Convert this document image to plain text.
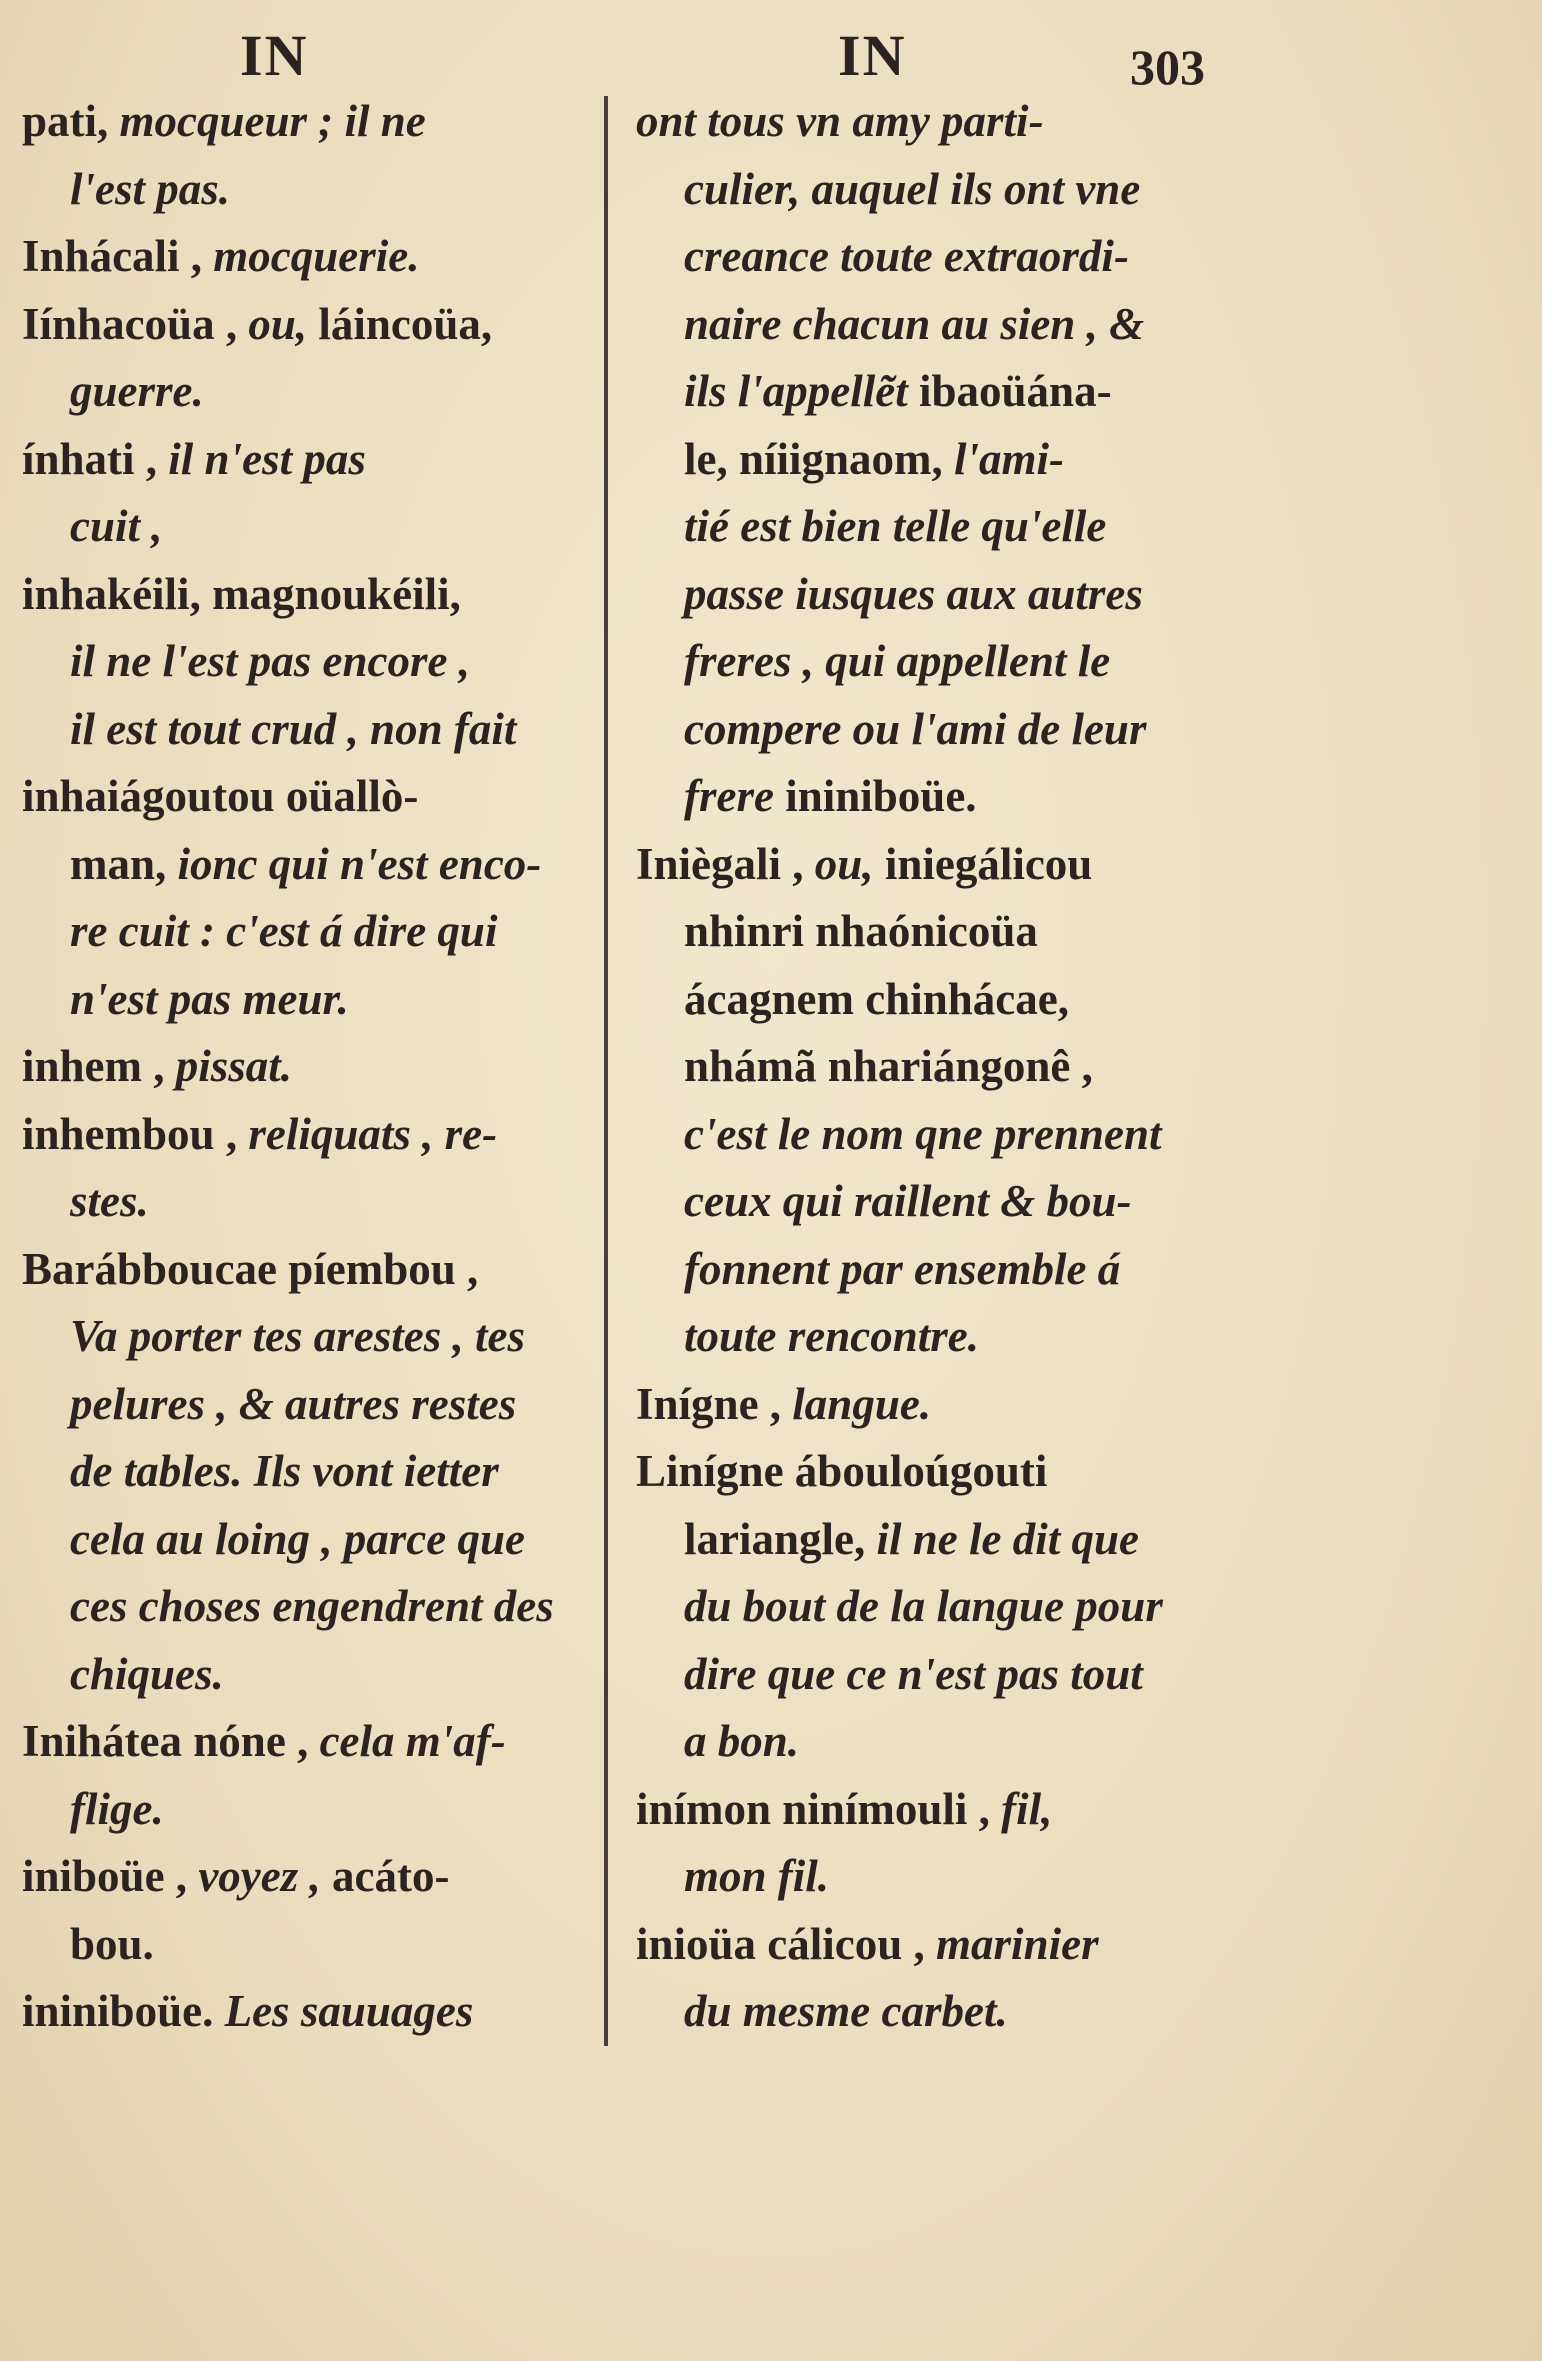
IN	IN	303
pati, mocqueur ; il ne
l'est pas.
Inhácali , mocquerie.
Iínhacoüa , ou, láincoüa,
guerre.
ínhati , il n'est pas
cuit ,
inhakéili, magnoukéili,
il ne l'est pas encore ,
il est tout crud , non fait
inhaiágoutou oüallò-
man, ionc qui n'est enco-
re cuit : c'est á dire qui
n'est pas meur.
inhem , pissat.
inhembou , reliquats , re-
stes.
Barábboucae píembou ,
Va porter tes arestes , tes
pelures , & autres restes
de tables. Ils vont ietter
cela au loing , parce que
ces choses engendrent des
chiques.
Inihátea nóne , cela m'af-
flige.
iniboüe , voyez , acáto-
bou.
ininiboüe. Les sauuages
ont tous vn amy parti-
culier, auquel ils ont vne
creance toute extraordi-
naire chacun au sien , &
ils l'appellẽt ibaoüána-
le, níiignaom, l'ami-
tié est bien telle qu'elle
passe iusques aux autres
freres , qui appellent le
compere ou l'ami de leur
frere ininiboüe.
Iniègali , ou, iniegálicou
nhinri nhaónicoüa
ácagnem chinhácae,
nhámã nhariángonê ,
c'est le nom qne prennent
ceux qui raillent & bou-
fonnent par ensemble á
toute rencontre.
Inígne , langue.
Linígne ábouloúgouti
lariangle, il ne le dit que
du bout de la langue pour
dire que ce n'est pas tout
a bon.
inímon ninímouli , fil,
mon fil.
inioüa cálicou , marinier
du mesme carbet.
